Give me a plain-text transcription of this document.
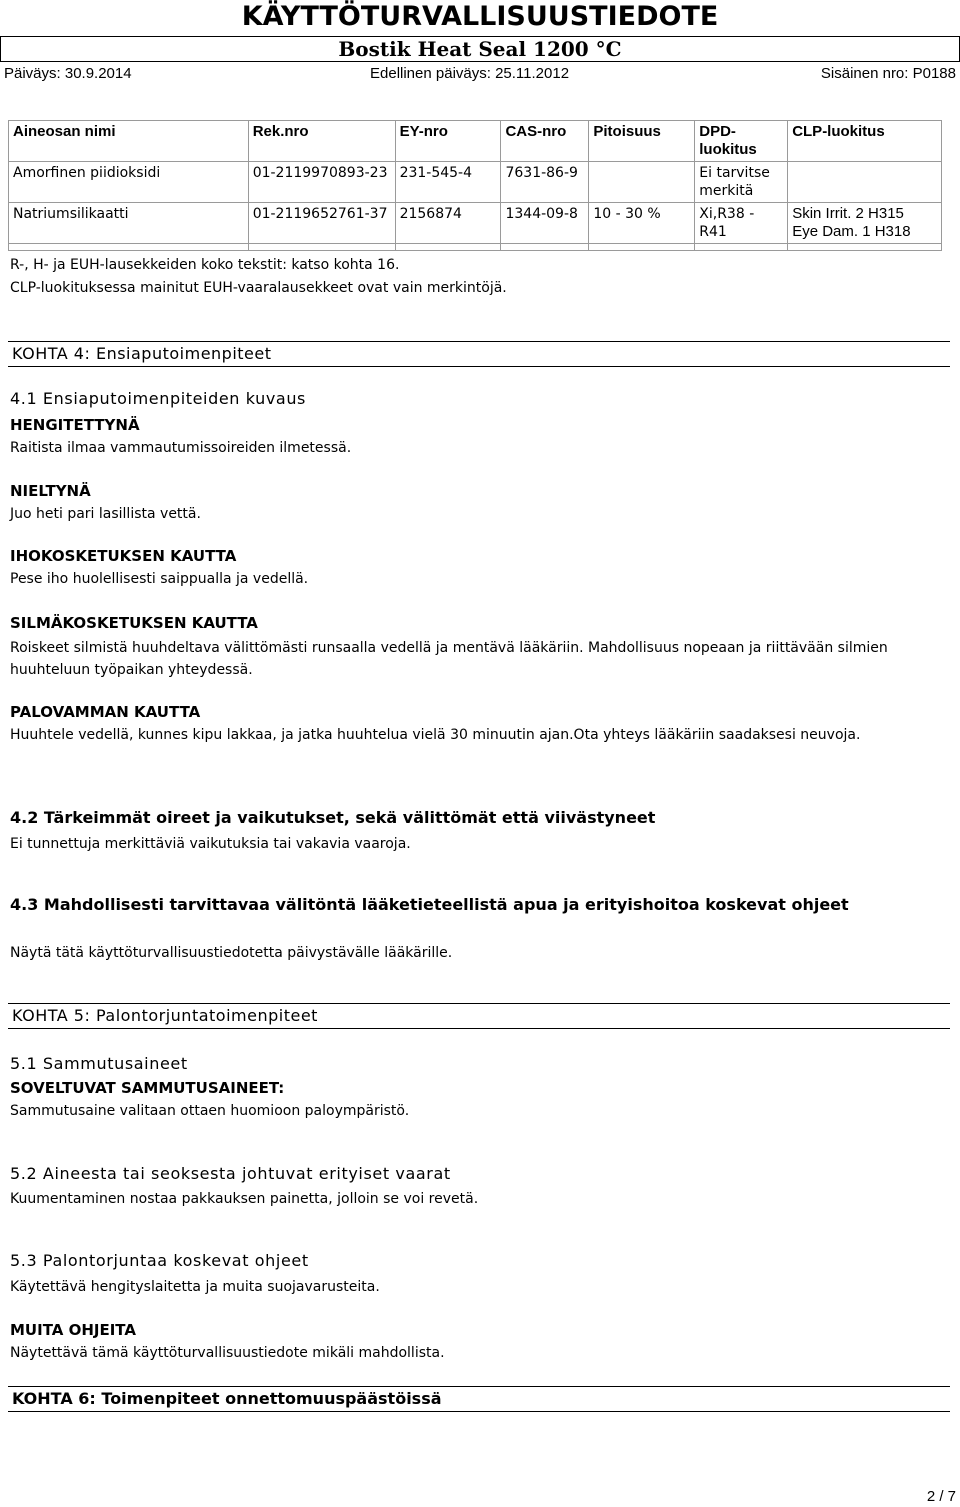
KÄYTTÖTURVALLISUUSTIEDOTE
Bostik Heat Seal 1200 °C
Päiväys: 30.9.2014	Edellinen päiväys: 25.11.2012	Sisäinen nro: P0188
Aineosan nimi	Rek.nro	EY-nro	CAS-nro	Pitoisuus	DPD-luokitus	CLP-luokitus
Amorfinen piidioksidi	01-2119970893-23	231-545-4	7631-86-9		Ei tarvitse merkitä	
Natriumsilikaatti	01-2119652761-37	2156874	1344-09-8	10 - 30 %	Xi,R38 - R41	Skin Irrit. 2 H315
Eye Dam. 1 H318

R-, H- ja EUH-lausekkeiden koko tekstit: katso kohta 16.

CLP-luokituksessa mainitut EUH-vaaralausekkeet ovat vain merkintöjä.

KOHTA 4: Ensiaputoimenpiteet

4.1 Ensiaputoimenpiteiden kuvaus

HENGITETTYNÄ

Raitista ilmaa vammautumissoireiden ilmetessä.

NIELTYNÄ

Juo heti pari lasillista vettä.

IHOKOSKETUKSEN KAUTTA

Pese iho huolellisesti saippualla ja vedellä.

SILMÄKOSKETUKSEN KAUTTA

Roiskeet silmistä huuhdeltava välittömästi runsaalla vedellä ja mentävä lääkäriin. Mahdollisuus nopeaan ja riittävään silmien huuhteluun työpaikan yhteydessä.

PALOVAMMAN KAUTTA

Huuhtele vedellä, kunnes kipu lakkaa, ja jatka huuhtelua vielä 30 minuutin ajan.Ota yhteys lääkäriin saadaksesi neuvoja.

4.2 Tärkeimmät oireet ja vaikutukset, sekä välittömät että viivästyneet

Ei tunnettuja merkittäviä vaikutuksia tai vakavia vaaroja.

4.3 Mahdollisesti tarvittavaa välitöntä lääketieteellistä apua ja erityishoitoa koskevat ohjeet

Näytä tätä käyttöturvallisuustiedotetta päivystävälle lääkärille.

KOHTA 5: Palontorjuntatoimenpiteet

5.1 Sammutusaineet

SOVELTUVAT SAMMUTUSAINEET:

Sammutusaine valitaan ottaen huomioon paloympäristö.

5.2 Aineesta tai seoksesta johtuvat erityiset vaarat

Kuumentaminen nostaa pakkauksen painetta, jolloin se voi revetä.

5.3 Palontorjuntaa koskevat ohjeet

Käytettävä hengityslaitetta ja muita suojavarusteita.

MUITA OHJEITA

Näytettävä tämä käyttöturvallisuustiedote mikäli mahdollista.

KOHTA 6: Toimenpiteet onnettomuuspäästöissä
2 / 7
